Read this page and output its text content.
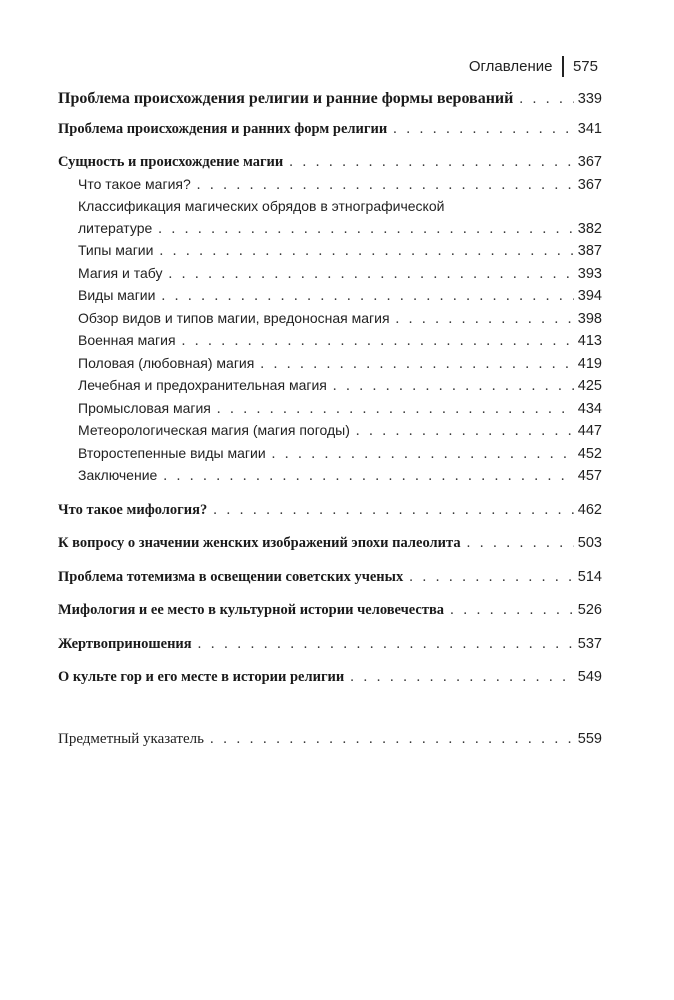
Оглавление 575
Проблема происхождения религии и ранние формы верований . . .	339
Проблема происхождения и ранних форм религии . . .	341
Сущность и происхождение магии . . .	367
Что такое магия? . . .	367
Классификация магических обрядов в этнографической
литературе . . .	382
Типы магии . . .	387
Магия и табу . . .	393
Виды магии . . .	394
Обзор видов и типов магии, вредоносная магия . . .	398
Военная магия . . .	413
Половая (любовная) магия . . .	419
Лечебная и предохранительная магия . . .	425
Промысловая магия . . .	434
Метеорологическая магия (магия погоды) . . .	447
Второстепенные виды магии . . .	452
Заключение . . .	457
Что такое мифология? . . .	462
К вопросу о значении женских изображений эпохи палеолита . . .	503
Проблема тотемизма в освещении советских ученых . . .	514
Мифология и ее место в культурной истории человечества . . .	526
Жертвоприношения . . .	537
О культе гор и его месте в истории религии . . .	549
Предметный указатель . . .	559
